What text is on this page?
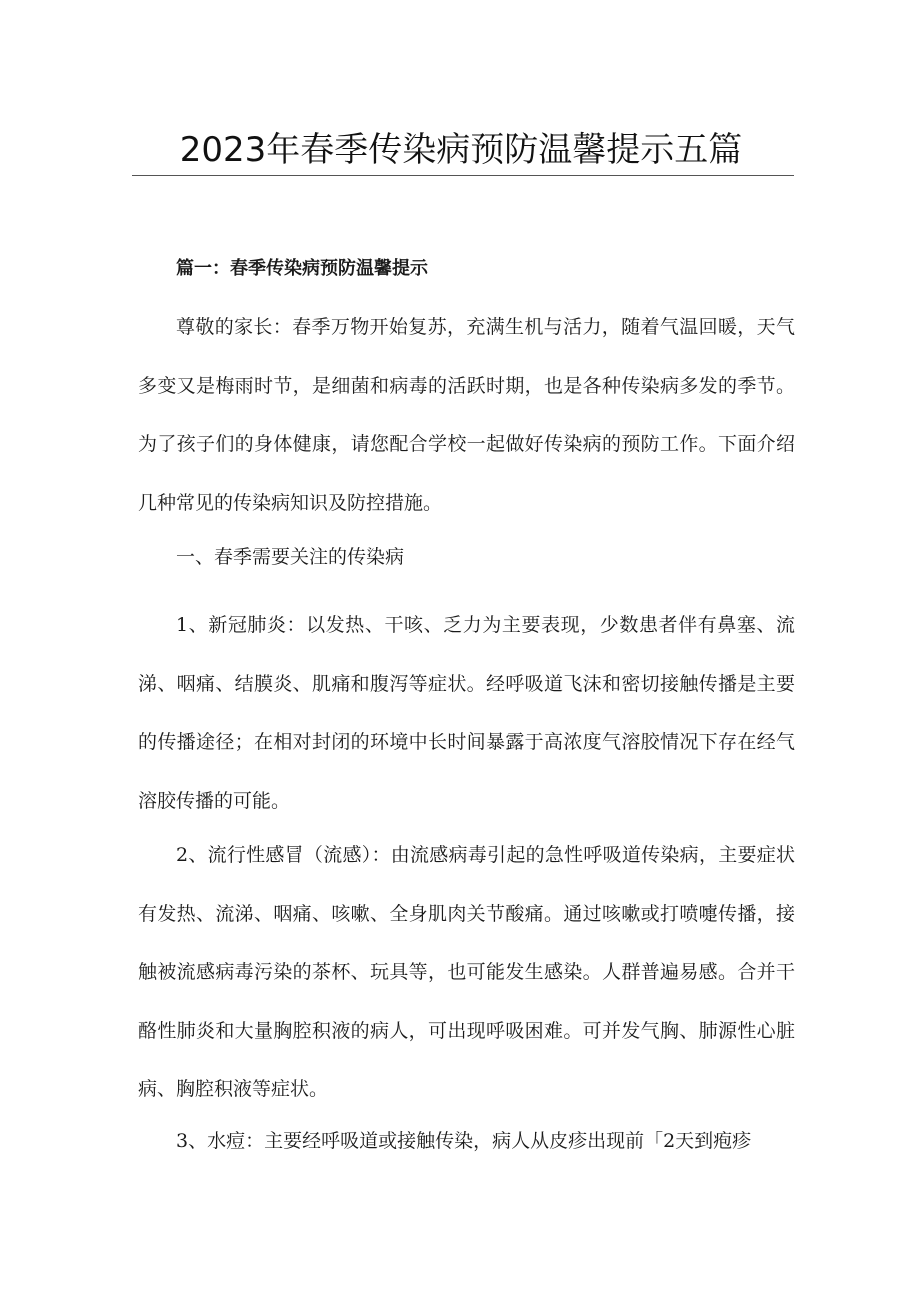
2023年春季传染病预防温馨提示五篇
篇一：春季传染病预防温馨提示

尊敬的家长：春季万物开始复苏，充满生机与活力，随着气温回暖，天气多变又是梅雨时节，是细菌和病毒的活跃时期，也是各种传染病多发的季节。为了孩子们的身体健康，请您配合学校一起做好传染病的预防工作。下面介绍几种常见的传染病知识及防控措施。

一、春季需要关注的传染病

1、新冠肺炎：以发热、干咳、乏力为主要表现，少数患者伴有鼻塞、流涕、咽痛、结膜炎、肌痛和腹泻等症状。经呼吸道飞沫和密切接触传播是主要的传播途径；在相对封闭的环境中长时间暴露于高浓度气溶胶情况下存在经气溶胶传播的可能。

2、流行性感冒（流感）：由流感病毒引起的急性呼吸道传染病，主要症状有发热、流涕、咽痛、咳嗽、全身肌肉关节酸痛。通过咳嗽或打喷嚏传播，接触被流感病毒污染的茶杯、玩具等，也可能发生感染。人群普遍易感。合并干酪性肺炎和大量胸腔积液的病人，可出现呼吸困难。可并发气胸、肺源性心脏病、胸腔积液等症状。

3、水痘：主要经呼吸道或接触传染，病人从皮疹出现前「2天到疱疹
